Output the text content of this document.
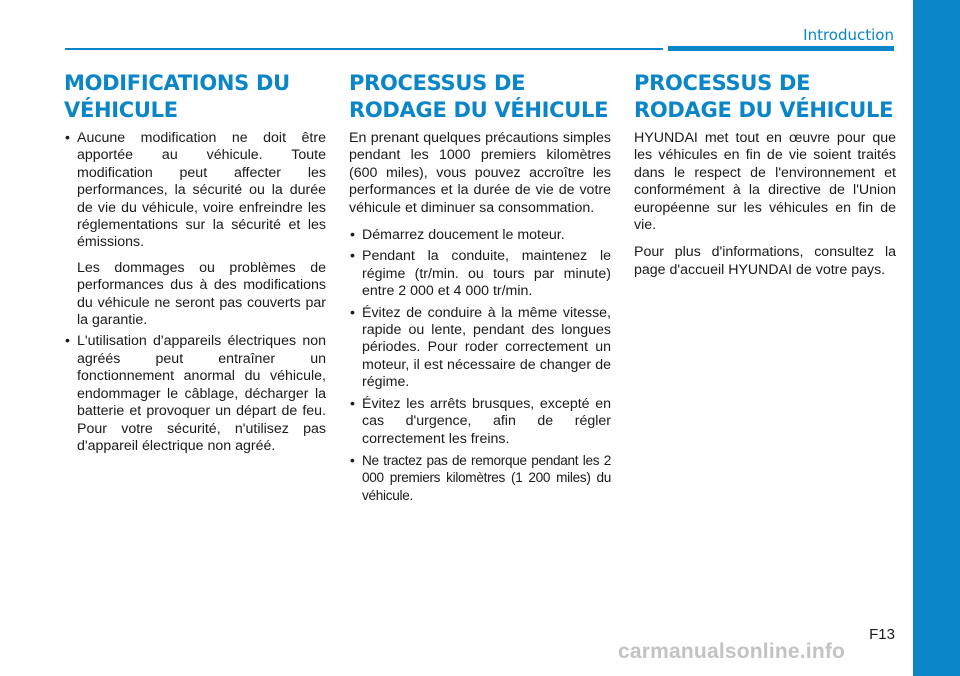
Introduction
MODIFICATIONS DU VÉHICULE
• Aucune modification ne doit être apportée au véhicule. Toute modification peut affecter les performances, la sécurité ou la durée de vie du véhicule, voire enfreindre les réglementations sur la sécurité et les émissions.

Les dommages ou problèmes de performances dus à des modifications du véhicule ne seront pas couverts par la garantie.

• L'utilisation d'appareils électriques non agréés peut entraîner un fonctionnement anormal du véhicule, endommager le câblage, décharger la batterie et provoquer un départ de feu. Pour votre sécurité, n'utilisez pas d'appareil électrique non agréé.
PROCESSUS DE RODAGE DU VÉHICULE

En prenant quelques précautions simples pendant les 1000 premiers kilomètres (600 miles), vous pouvez accroître les performances et la durée de vie de votre véhicule et diminuer sa consommation.

• Démarrez doucement le moteur.
• Pendant la conduite, maintenez le régime (tr/min. ou tours par minute) entre 2 000 et 4 000 tr/min.
• Évitez de conduire à la même vitesse, rapide ou lente, pendant des longues périodes. Pour roder correctement un moteur, il est nécessaire de changer de régime.
• Évitez les arrêts brusques, excepté en cas d'urgence, afin de régler correctement les freins.
• Ne tractez pas de remorque pendant les 2 000 premiers kilomètres (1 200 miles) du véhicule.
PROCESSUS DE RODAGE DU VÉHICULE

HYUNDAI met tout en œuvre pour que les véhicules en fin de vie soient traités dans le respect de l'environnement et conformément à la directive de l'Union européenne sur les véhicules en fin de vie.

Pour plus d'informations, consultez la page d'accueil HYUNDAI de votre pays.

F13
carmanualsonline.info
